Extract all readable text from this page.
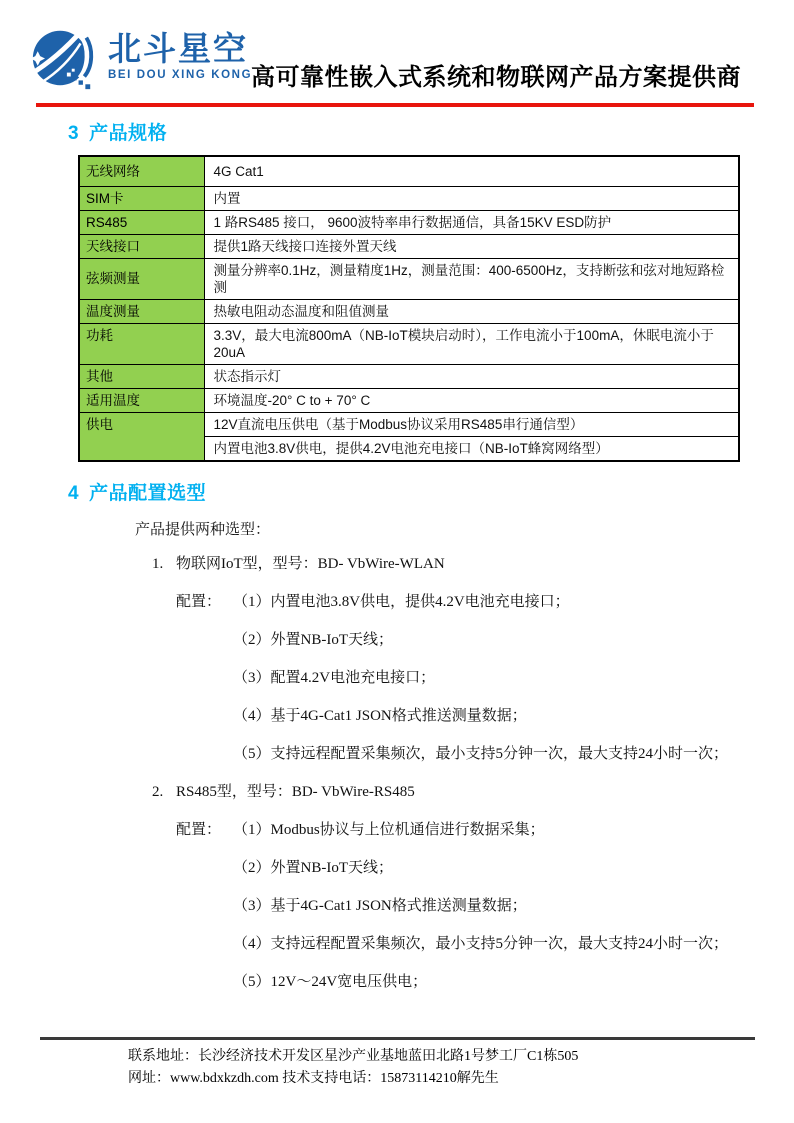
北斗星空
BEI DOU XING KONG
高可靠性嵌入式系统和物联网产品方案提供商
3 产品规格
无线网络	4G Cat1
SIM卡	内置
RS485	1 路RS485 接口， 9600波特率串行数据通信，具备15KV ESD防护
天线接口	提供1路天线接口连接外置天线
弦频测量	测量分辨率0.1Hz，测量精度1Hz，测量范围：400-6500Hz，支持断弦和弦对地短路检测
温度测量	热敏电阻动态温度和阻值测量
功耗	3.3V，最大电流800mA（NB-IoT模块启动时），工作电流小于100mA，休眠电流小于20uA
其他	状态指示灯
适用温度	环境温度-20° C to + 70° C
供电	12V直流电压供电（基于Modbus协议采用RS485串行通信型）
	内置电池3.8V供电，提供4.2V电池充电接口（NB-IoT蜂窝网络型）
4 产品配置选型
产品提供两种选型：
1. 物联网IoT型，型号：BD- VbWire-WLAN
配置： （1）内置电池3.8V供电，提供4.2V电池充电接口；
（2）外置NB-IoT天线；
（3）配置4.2V电池充电接口；
（4）基于4G-Cat1 JSON格式推送测量数据；
（5）支持远程配置采集频次，最小支持5分钟一次，最大支持24小时一次；
2. RS485型，型号：BD- VbWire-RS485
配置： （1）Modbus协议与上位机通信进行数据采集；
（2）外置NB-IoT天线；
（3）基于4G-Cat1 JSON格式推送测量数据；
（4）支持远程配置采集频次，最小支持5分钟一次，最大支持24小时一次；
（5）12V～24V宽电压供电；
联系地址：长沙经济技术开发区星沙产业基地蓝田北路1号梦工厂C1栋505
网址：www.bdxkzdh.com 技术支持电话：15873114210解先生
